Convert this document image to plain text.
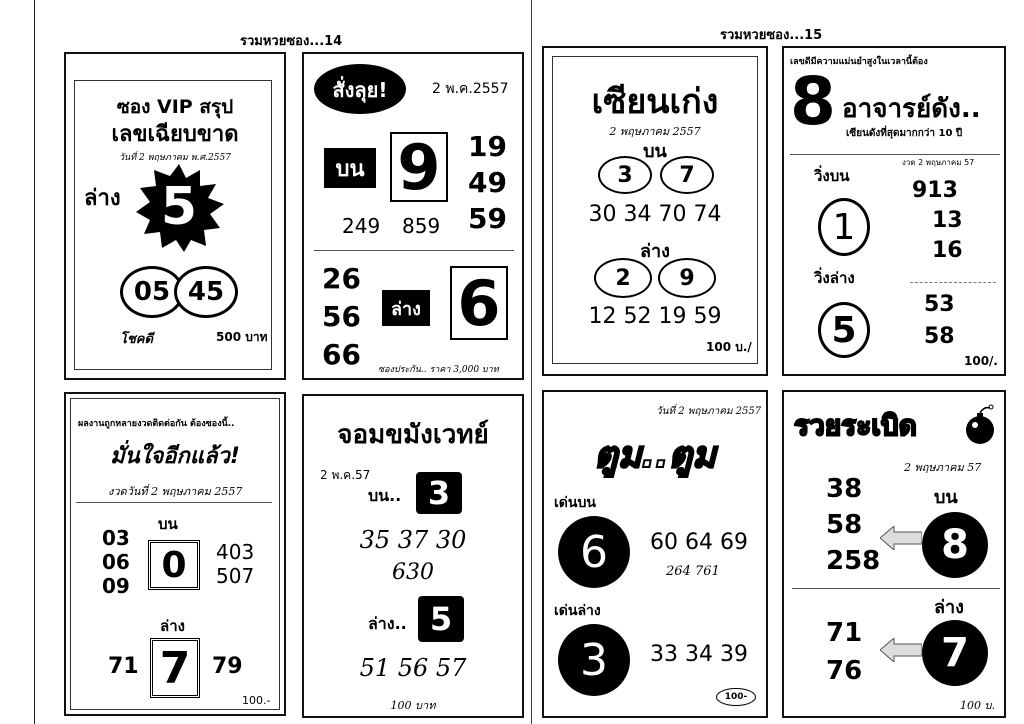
รวมหวยซอง...14	รวมหวยซอง...15
ซอง VIP สรุป
เลขเฉียบขาด
วันที่ 2 พฤษภาคม พ.ศ.2557
ล่าง 5
05 45
โชคดี	500 บาท
สั่งลุย!	2 พ.ค.2557
บน 9 19
49
59
249 859
26
56
66
ล่าง 6
ซองประกัน.. ราคา 3,000 บาท
เซียนเก่ง
2 พฤษภาคม 2557
บน
3 7
30 34 70 74
ล่าง
2 9
12 52 19 59
100 บ./
เลขดีมีความแม่นยำสูงในเวลานี้ต้อง
8 อาจารย์ดัง..
เซียนดังที่สุดมากกว่า 10 ปี
งวด 2 พฤษภาคม 57
วิ่งบน
1
913
13
16
วิ่งล่าง
5
53
58
100/.
ผลงานถูกหลายงวดติดต่อกัน ต้องซองนี้..
มั่นใจอีกแล้ว!
งวดวันที่ 2 พฤษภาคม 2557
บน
03
06
09
0 403
507
ล่าง
71 7 79
100.-
จอมขมังเวทย์
2 พ.ค.57
บน.. 3
35 37 30
630
ล่าง.. 5
51 56 57
100 บาท
วันที่ 2 พฤษภาคม 2557
ตูม..ตูม
เด่นบน
6 60 64 69
264 761
เด่นล่าง
3 33 34 39
100-
รวยระเบิด
2 พฤษภาคม 57
38
58
258
บน
8
ล่าง
71
76 7
100 บ.
